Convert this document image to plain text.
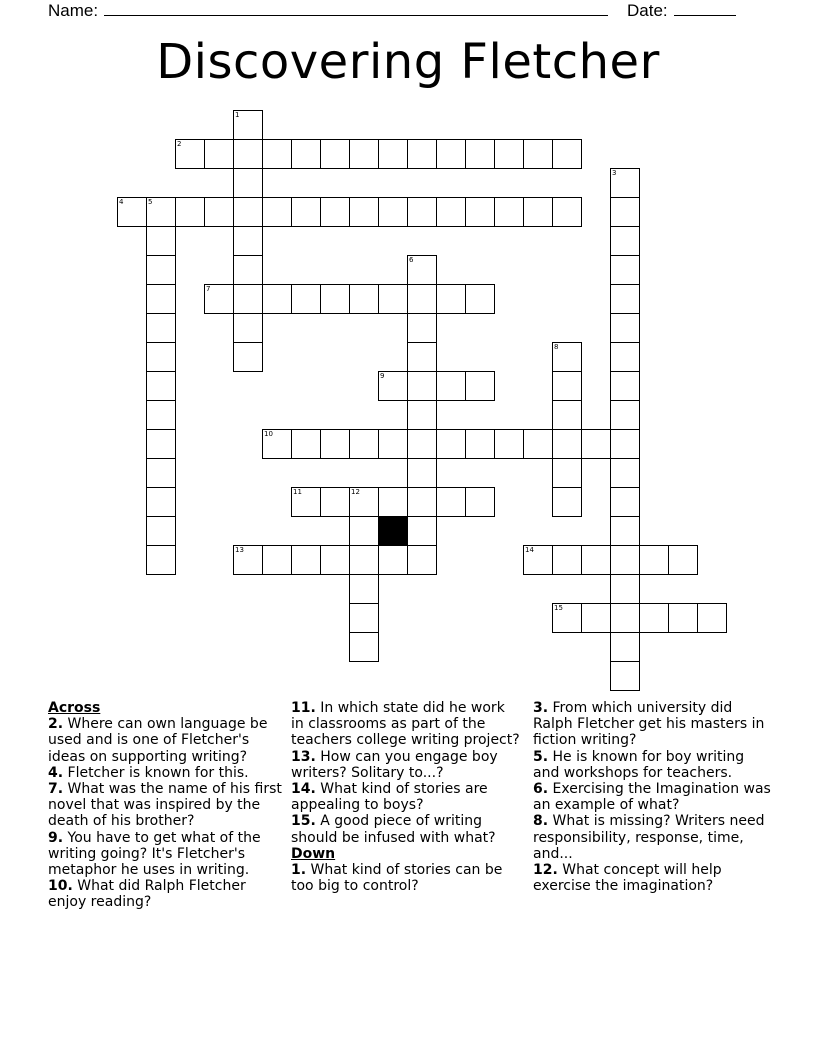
Name:	Date:
Discovering Fletcher
2
4	5
7
9
10
11	12
13	14
15
1
3
6
8
Across
2. Where can own language be used and is one of Fletcher's ideas on supporting writing?
4. Fletcher is known for this.
7. What was the name of his first novel that was inspired by the death of his brother?
9. You have to get what of the writing going? It's Fletcher's metaphor he uses in writing.
10. What did Ralph Fletcher enjoy reading?
11. In which state did he work in classrooms as part of the teachers college writing project?
13. How can you engage boy writers? Solitary to...?
14. What kind of stories are appealing to boys?
15. A good piece of writing should be infused with what?
Down
1. What kind of stories can be too big to control?
3. From which university did Ralph Fletcher get his masters in fiction writing?
5. He is known for boy writing and workshops for teachers.
6. Exercising the Imagination was an example of what?
8. What is missing? Writers need responsibility, response, time, and...
12. What concept will help exercise the imagination?
